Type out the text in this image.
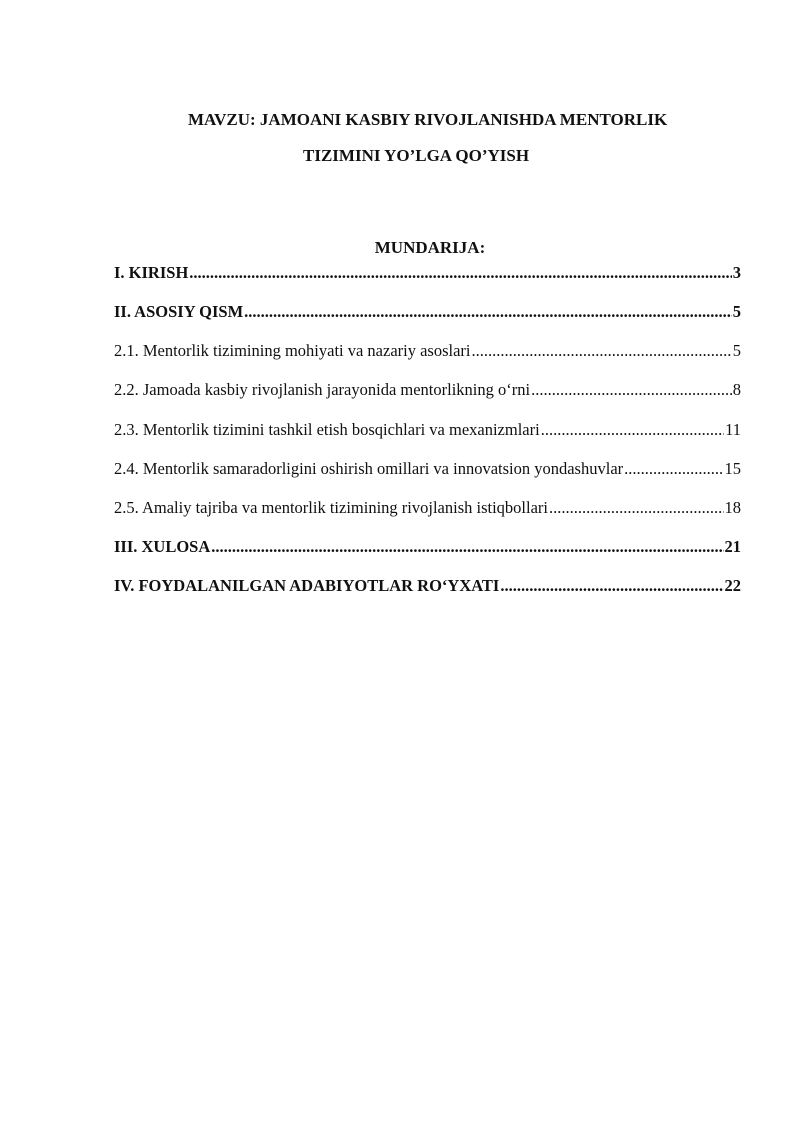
MAVZU: JAMOANI KASBIY RIVOJLANISHDA MENTORLIK
TIZIMINI YO’LGA QO’YISH
MUNDARIJA:
I. KIRISH .....	3
II. ASOSIY QISM .....	5
2.1. Mentorlik tizimining mohiyati va nazariy asoslari .....	5
2.2. Jamoada kasbiy rivojlanish jarayonida mentorlikning o‘rni .....	8
2.3. Mentorlik tizimini tashkil etish bosqichlari va mexanizmlari .....	11
2.4. Mentorlik samaradorligini oshirish omillari va innovatsion yondashuvlar .....	15
2.5. Amaliy tajriba va mentorlik tizimining rivojlanish istiqbollari .....	18
III. XULOSA .....	21
IV. FOYDALANILGAN ADABIYOTLAR RO‘YXATI .....	22
